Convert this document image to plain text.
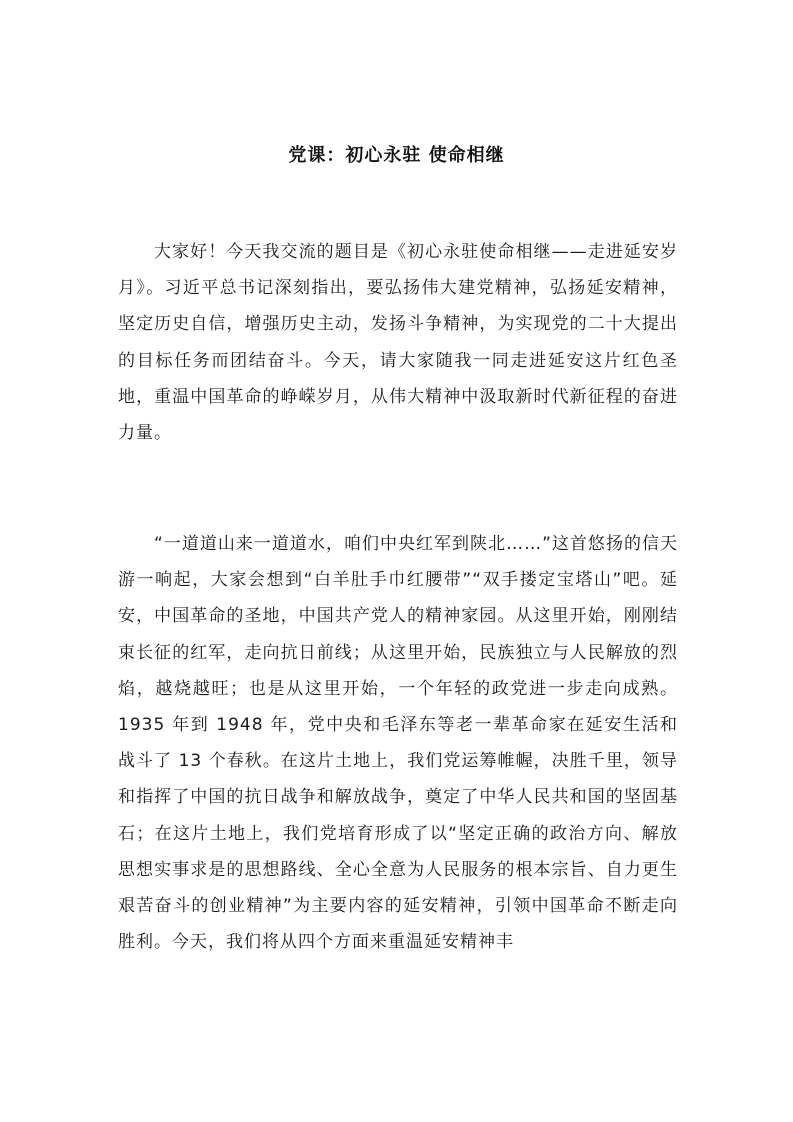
党课：初心永驻 使命相继

大家好！今天我交流的题目是《初心永驻使命相继——走进延安岁月》。习近平总书记深刻指出，要弘扬伟大建党精神，弘扬延安精神，坚定历史自信，增强历史主动，发扬斗争精神，为实现党的二十大提出的目标任务而团结奋斗。今天，请大家随我一同走进延安这片红色圣地，重温中国革命的峥嵘岁月，从伟大精神中汲取新时代新征程的奋进力量。

“一道道山来一道道水，咱们中央红军到陕北……”这首悠扬的信天游一响起，大家会想到“白羊肚手巾红腰带”“双手搂定宝塔山”吧。延安，中国革命的圣地，中国共产党人的精神家园。从这里开始，刚刚结束长征的红军，走向抗日前线；从这里开始，民族独立与人民解放的烈焰，越烧越旺；也是从这里开始，一个年轻的政党进一步走向成熟。1935 年到 1948 年，党中央和毛泽东等老一辈革命家在延安生活和战斗了 13 个春秋。在这片土地上，我们党运筹帷幄，决胜千里，领导和指挥了中国的抗日战争和解放战争，奠定了中华人民共和国的坚固基石；在这片土地上，我们党培育形成了以“坚定正确的政治方向、解放思想实事求是的思想路线、全心全意为人民服务的根本宗旨、自力更生艰苦奋斗的创业精神”为主要内容的延安精神，引领中国革命不断走向胜利。今天，我们将从四个方面来重温延安精神丰
